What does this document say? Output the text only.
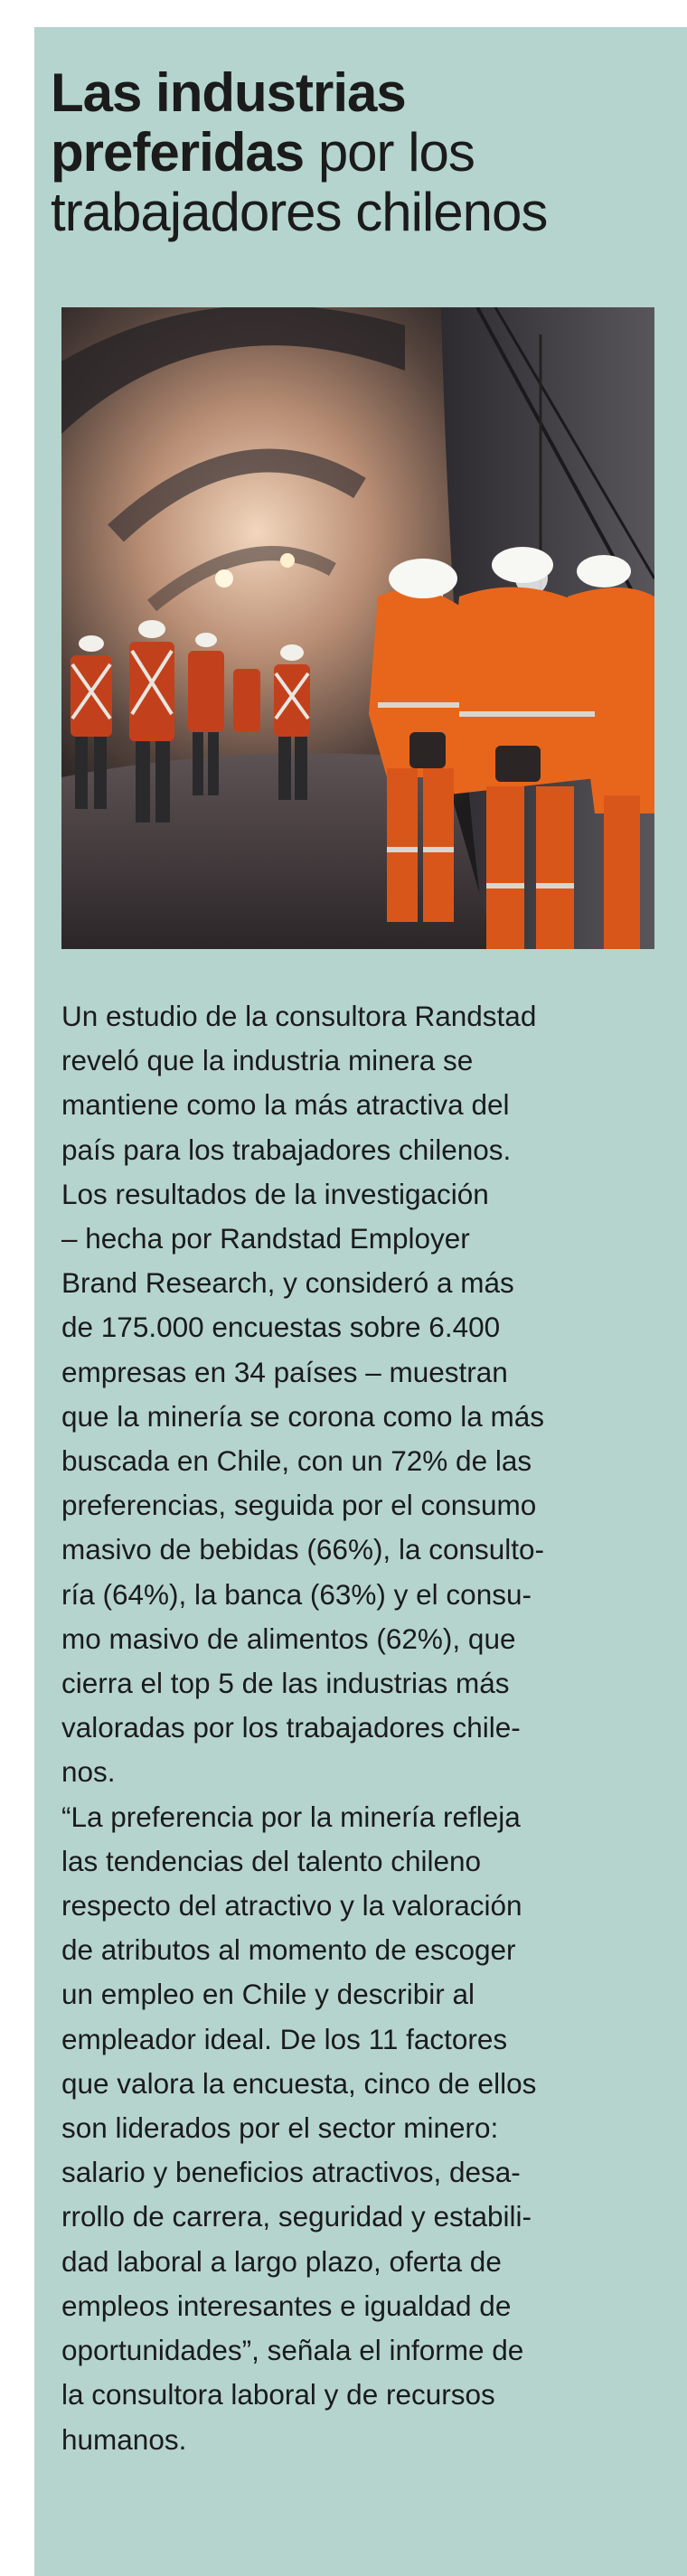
Las industrias preferidas por los trabajadores chilenos

Un estudio de la consultora Randstad
reveló que la industria minera se
mantiene como la más atractiva del
país para los trabajadores chilenos.
Los resultados de la investigación
– hecha por Randstad Employer
Brand Research, y consideró a más
de 175.000 encuestas sobre 6.400
empresas en 34 países – muestran
que la minería se corona como la más
buscada en Chile, con un 72% de las
preferencias, seguida por el consumo
masivo de bebidas (66%), la consulto-
ría (64%), la banca (63%) y el consu-
mo masivo de alimentos (62%), que
cierra el top 5 de las industrias más
valoradas por los trabajadores chile-
nos.

“La preferencia por la minería refleja
las tendencias del talento chileno
respecto del atractivo y la valoración
de atributos al momento de escoger
un empleo en Chile y describir al
empleador ideal. De los 11 factores
que valora la encuesta, cinco de ellos
son liderados por el sector minero:
salario y beneficios atractivos, desa-
rrollo de carrera, seguridad y estabili-
dad laboral a largo plazo, oferta de
empleos interesantes e igualdad de
oportunidades”, señala el informe de
la consultora laboral y de recursos
humanos.
